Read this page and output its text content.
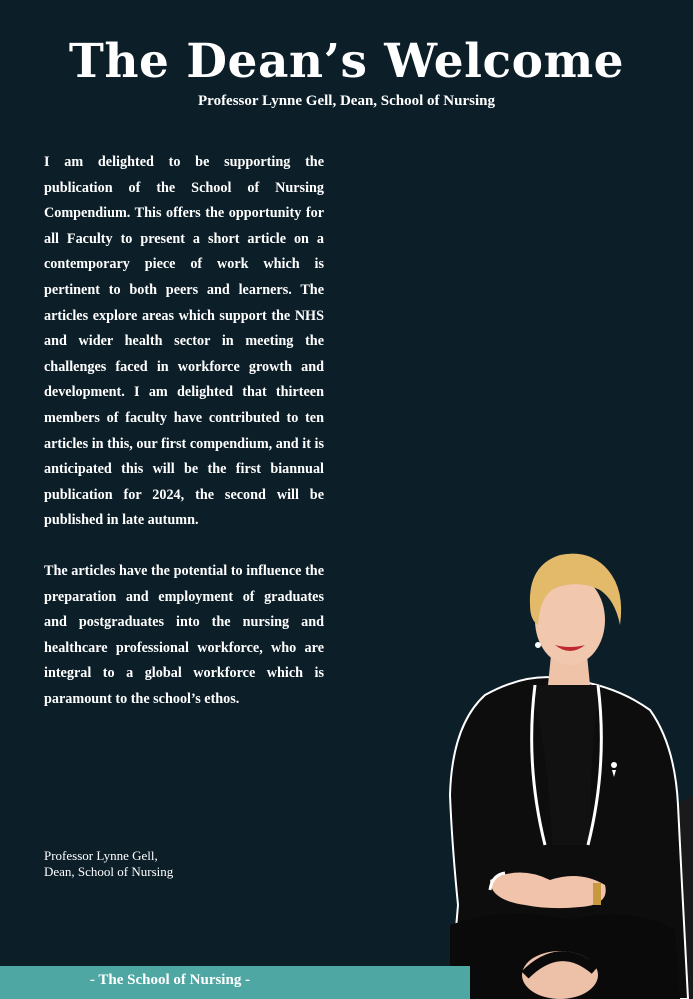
The Dean’s Welcome
Professor Lynne Gell, Dean, School of Nursing

I am delighted to be supporting the publication of the School of Nursing Compendium. This offers the opportunity for all Faculty to present a short article on a contemporary piece of work which is pertinent to both peers and learners. The articles explore areas which support the NHS and wider health sector in meeting the challenges faced in workforce growth and development. I am delighted that thirteen members of faculty have contributed to ten articles in this, our first compendium, and it is anticipated this will be the first biannual publication for 2024, the second will be published in late autumn.

The articles have the potential to influence the preparation and employment of graduates and postgraduates into the nursing and healthcare professional workforce, who are integral to a global workforce which is paramount to the school’s ethos.

Professor Lynne Gell,
Dean, School of Nursing
- The School of Nursing -
